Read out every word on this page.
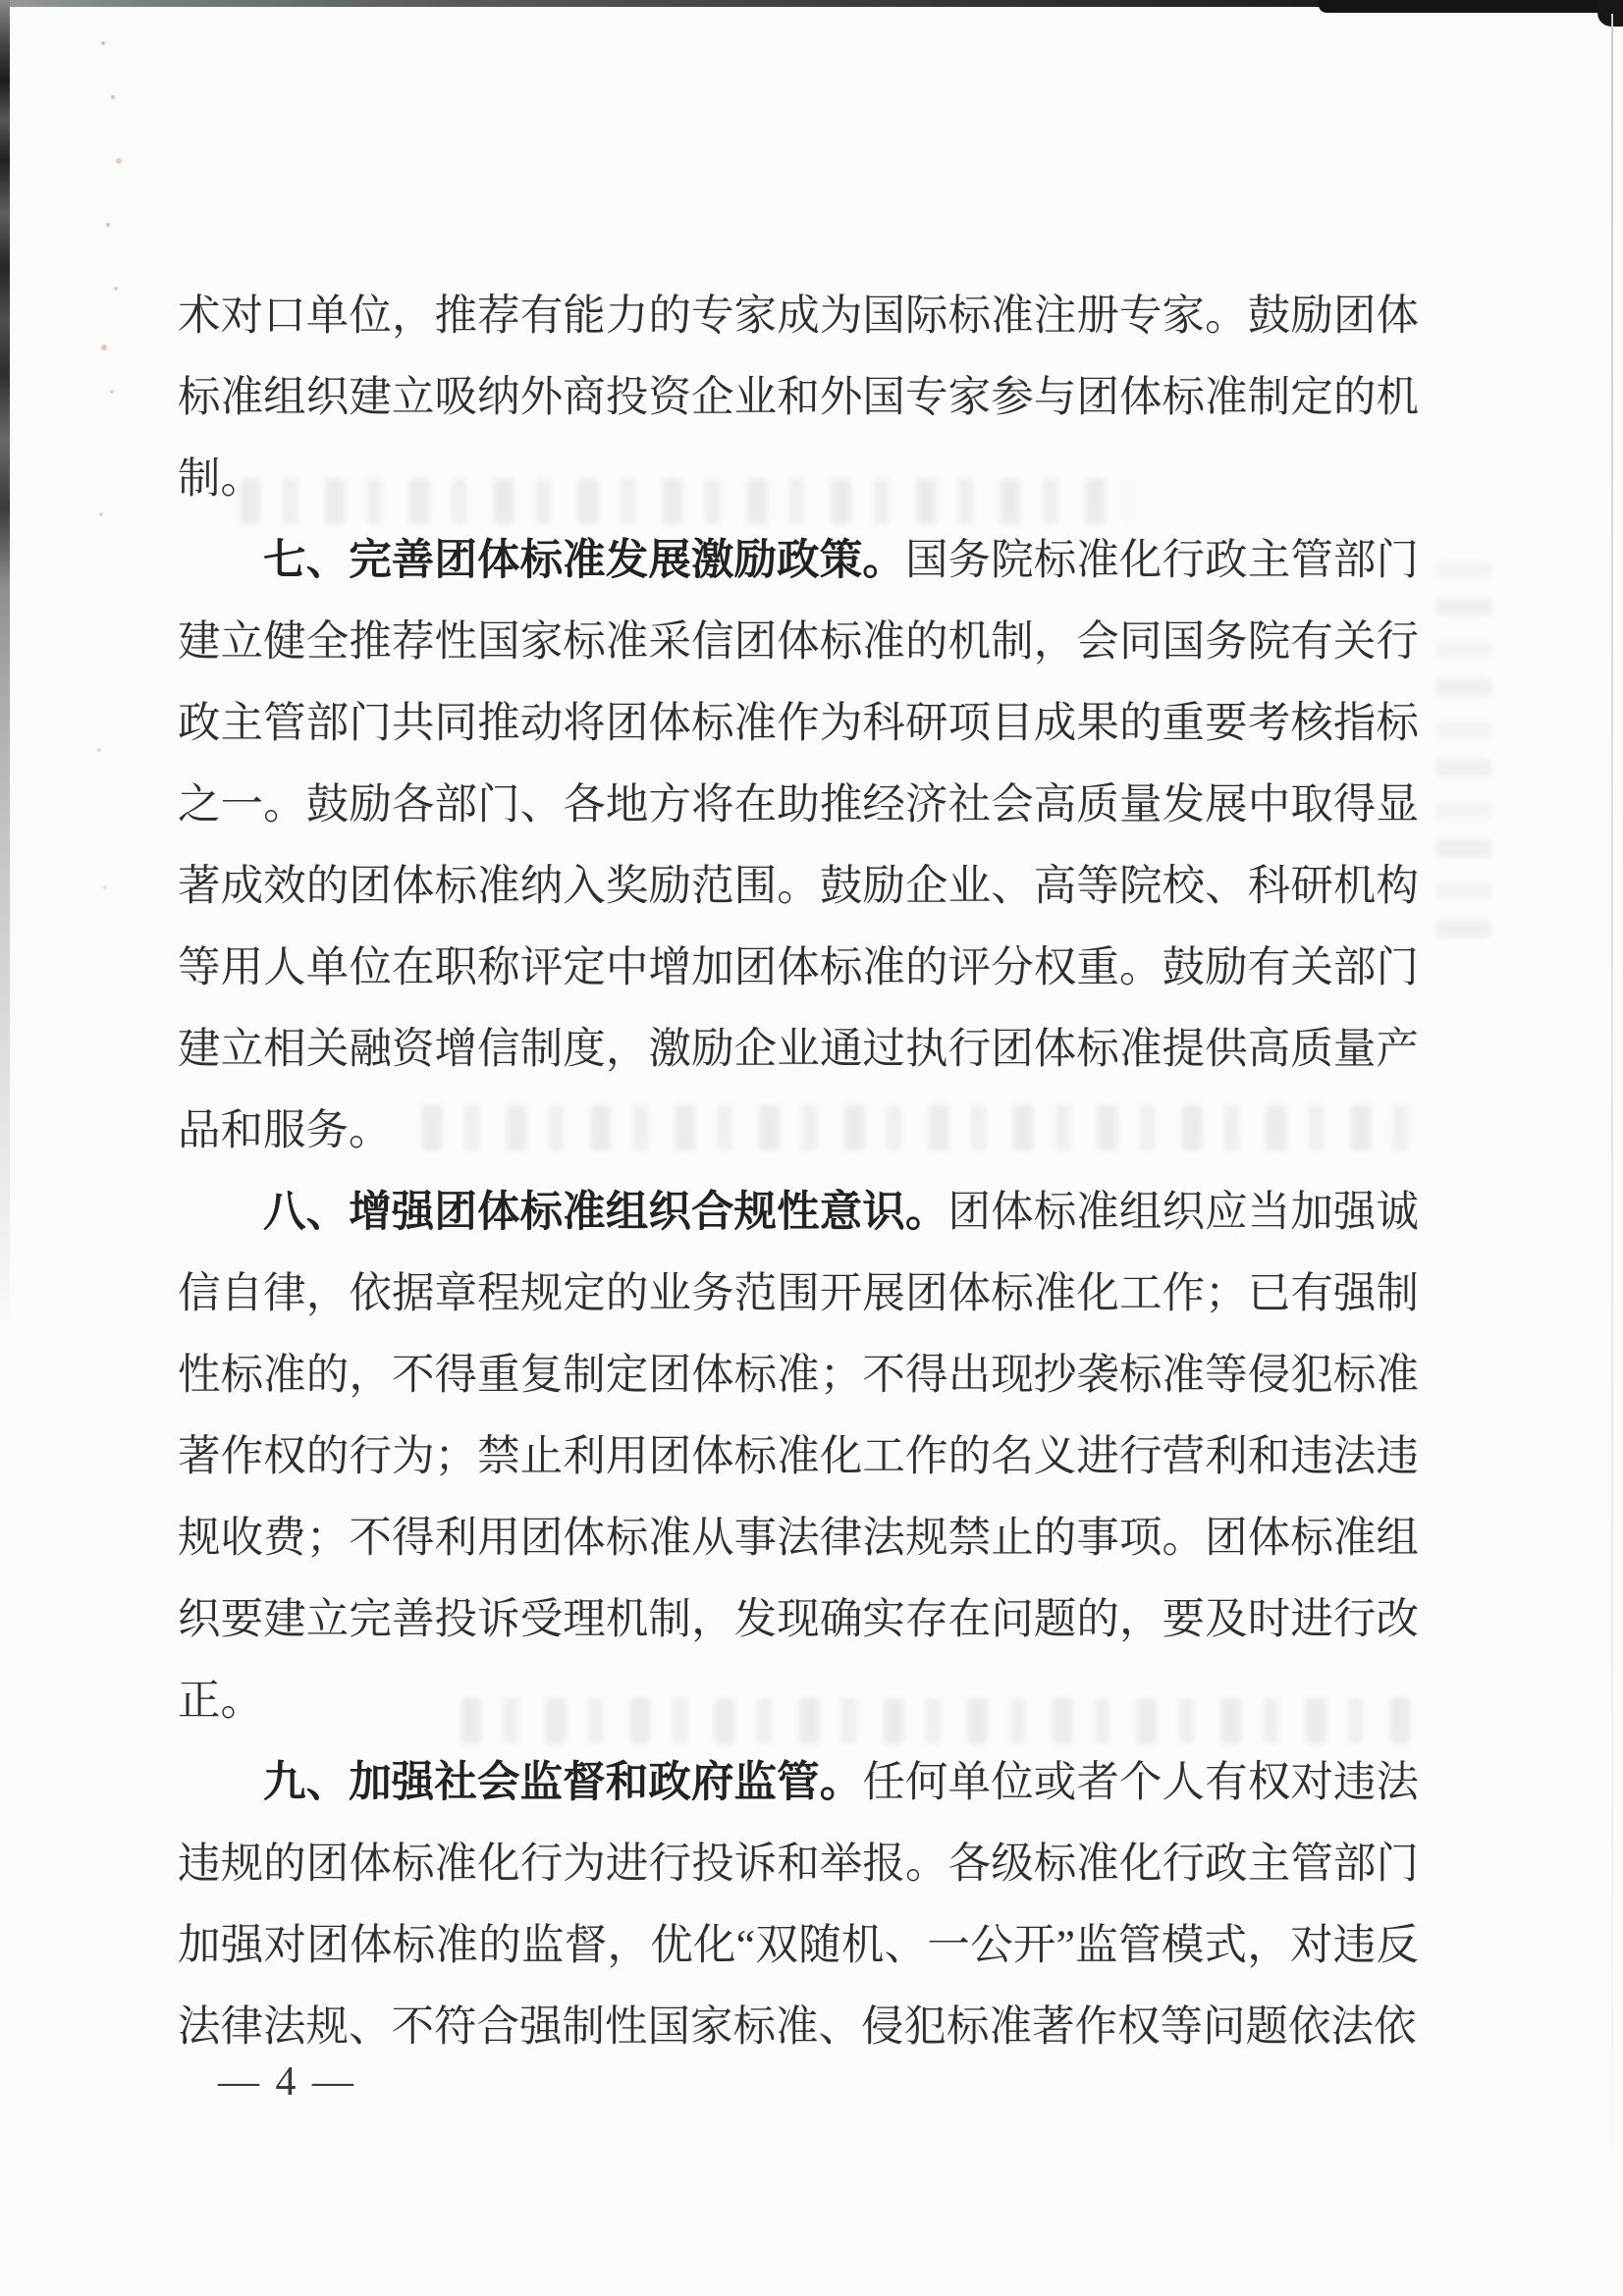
术对口单位，推荐有能力的专家成为国际标准注册专家。鼓励团体标准组织建立吸纳外商投资企业和外国专家参与团体标准制定的机制。

七、完善团体标准发展激励政策。国务院标准化行政主管部门建立健全推荐性国家标准采信团体标准的机制，会同国务院有关行政主管部门共同推动将团体标准作为科研项目成果的重要考核指标之一。鼓励各部门、各地方将在助推经济社会高质量发展中取得显著成效的团体标准纳入奖励范围。鼓励企业、高等院校、科研机构等用人单位在职称评定中增加团体标准的评分权重。鼓励有关部门建立相关融资增信制度，激励企业通过执行团体标准提供高质量产品和服务。

八、增强团体标准组织合规性意识。团体标准组织应当加强诚信自律，依据章程规定的业务范围开展团体标准化工作；已有强制性标准的，不得重复制定团体标准；不得出现抄袭标准等侵犯标准著作权的行为；禁止利用团体标准化工作的名义进行营利和违法违规收费；不得利用团体标准从事法律法规禁止的事项。团体标准组织要建立完善投诉受理机制，发现确实存在问题的，要及时进行改正。

九、加强社会监督和政府监管。任何单位或者个人有权对违法违规的团体标准化行为进行投诉和举报。各级标准化行政主管部门加强对团体标准的监督，优化“双随机、一公开”监管模式，对违反法律法规、不符合强制性国家标准、侵犯标准著作权等问题依法依

— 4 —
